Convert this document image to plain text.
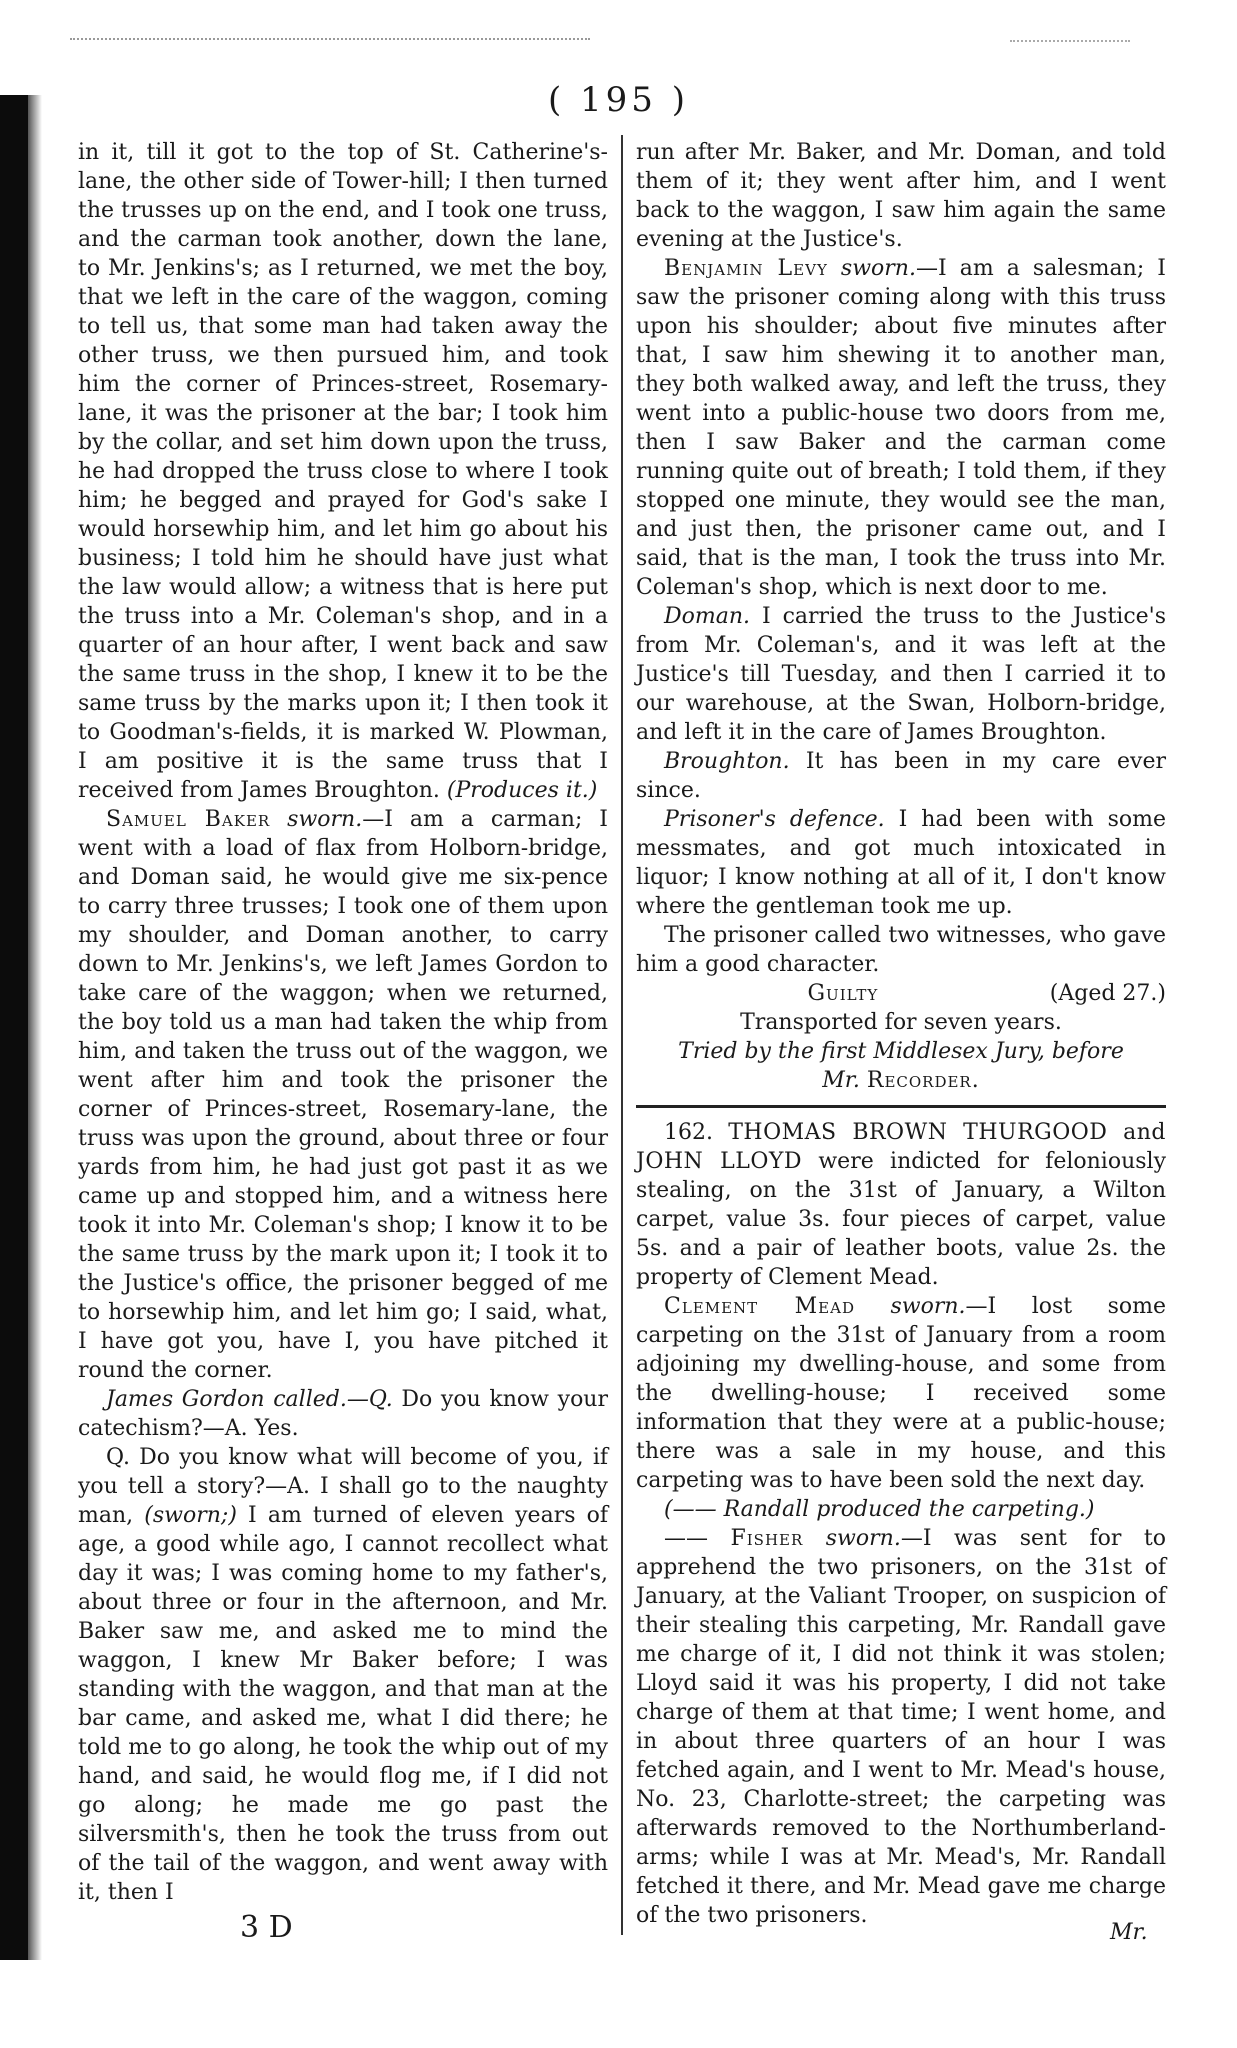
( 195 )

in it, till it got to the top of St. Catherine's-lane, the other side of Tower-hill; I then turned the trusses up on the end, and I took one truss, and the carman took another, down the lane, to Mr. Jenkins's; as I returned, we met the boy, that we left in the care of the waggon, coming to tell us, that some man had taken away the other truss, we then pursued him, and took him the corner of Princes-street, Rosemary-lane, it was the prisoner at the bar; I took him by the collar, and set him down upon the truss, he had dropped the truss close to where I took him; he begged and prayed for God's sake I would horsewhip him, and let him go about his business; I told him he should have just what the law would allow; a witness that is here put the truss into a Mr. Coleman's shop, and in a quarter of an hour after, I went back and saw the same truss in the shop, I knew it to be the same truss by the marks upon it; I then took it to Goodman's-fields, it is marked W. Plowman, I am positive it is the same truss that I received from James Broughton. (Produces it.)

Samuel Baker sworn.—I am a carman; I went with a load of flax from Holborn-bridge, and Doman said, he would give me six-pence to carry three trusses; I took one of them upon my shoulder, and Doman another, to carry down to Mr. Jenkins's, we left James Gordon to take care of the waggon; when we returned, the boy told us a man had taken the whip from him, and taken the truss out of the waggon, we went after him and took the prisoner the corner of Princes-street, Rosemary-lane, the truss was upon the ground, about three or four yards from him, he had just got past it as we came up and stopped him, and a witness here took it into Mr. Coleman's shop; I know it to be the same truss by the mark upon it; I took it to the Justice's office, the prisoner begged of me to horsewhip him, and let him go; I said, what, I have got you, have I, you have pitched it round the corner.

James Gordon called.—Q. Do you know your catechism?—A. Yes.

Q. Do you know what will become of you, if you tell a story?—A. I shall go to the naughty man, (sworn;) I am turned of eleven years of age, a good while ago, I cannot recollect what day it was; I was coming home to my father's, about three or four in the afternoon, and Mr. Baker saw me, and asked me to mind the waggon, I knew Mr Baker before; I was standing with the waggon, and that man at the bar came, and asked me, what I did there; he told me to go along, he took the whip out of my hand, and said, he would flog me, if I did not go along; he made me go past the silversmith's, then he took the truss from out of the tail of the waggon, and went away with it, then I

run after Mr. Baker, and Mr. Doman, and told them of it; they went after him, and I went back to the waggon, I saw him again the same evening at the Justice's.

Benjamin Levy sworn.—I am a salesman; I saw the prisoner coming along with this truss upon his shoulder; about five minutes after that, I saw him shewing it to another man, they both walked away, and left the truss, they went into a public-house two doors from me, then I saw Baker and the carman come running quite out of breath; I told them, if they stopped one minute, they would see the man, and just then, the prisoner came out, and I said, that is the man, I took the truss into Mr. Coleman's shop, which is next door to me.

Doman. I carried the truss to the Justice's from Mr. Coleman's, and it was left at the Justice's till Tuesday, and then I carried it to our warehouse, at the Swan, Holborn-bridge, and left it in the care of James Broughton.

Broughton. It has been in my care ever since.

Prisoner's defence. I had been with some messmates, and got much intoxicated in liquor; I know nothing at all of it, I don't know where the gentleman took me up.

The prisoner called two witnesses, who gave him a good character.

Guilty	(Aged 27.)

Transported for seven years.

Tried by the first Middlesex Jury, before

Mr. Recorder.

162. THOMAS BROWN THURGOOD and JOHN LLOYD were indicted for feloniously stealing, on the 31st of January, a Wilton carpet, value 3s. four pieces of carpet, value 5s. and a pair of leather boots, value 2s. the property of Clement Mead.

Clement Mead sworn.—I lost some carpeting on the 31st of January from a room adjoining my dwelling-house, and some from the dwelling-house; I received some information that they were at a public-house; there was a sale in my house, and this carpeting was to have been sold the next day.

(—— Randall produced the carpeting.)

—— Fisher sworn.—I was sent for to apprehend the two prisoners, on the 31st of January, at the Valiant Trooper, on suspicion of their stealing this carpeting, Mr. Randall gave me charge of it, I did not think it was stolen; Lloyd said it was his property, I did not take charge of them at that time; I went home, and in about three quarters of an hour I was fetched again, and I went to Mr. Mead's house, No. 23, Charlotte-street; the carpeting was afterwards removed to the Northumberland-arms; while I was at Mr. Mead's, Mr. Randall fetched it there, and Mr. Mead gave me charge of the two prisoners.

3 D	Mr.
